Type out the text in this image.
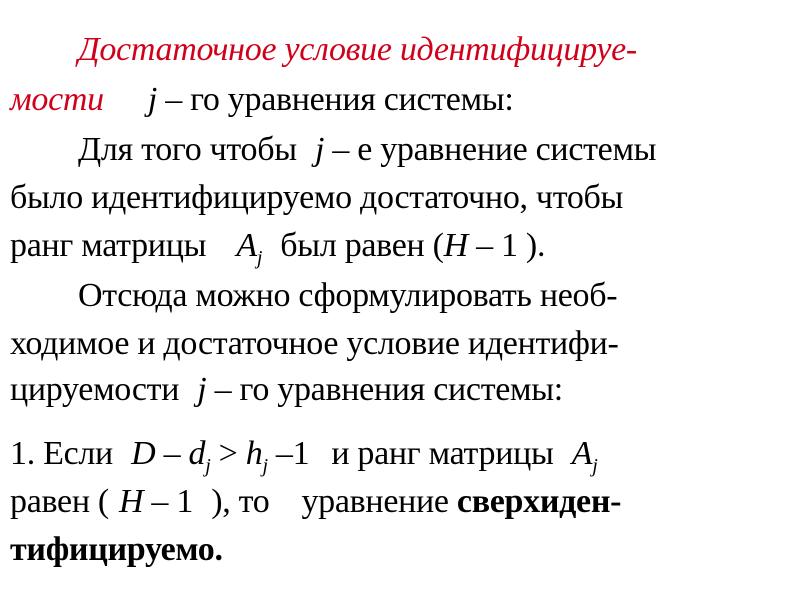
Достаточное условие идентифицируе-
мости j – го уравнения системы:
Для того чтобы j – е уравнение системы
было идентифицируемо достаточно, чтобы
ранг матрицы $A_j$ был равен (H – 1 ).
Отсюда можно сформулировать необ-
ходимое и достаточное условие идентифи-
цируемости j – го уравнения системы:
1. Если $D - d_j > h_j$ –1 и ранг матрицы $A_j$
равен ( H – 1 ), то уравнение сверхиден-
тифицируемо.
